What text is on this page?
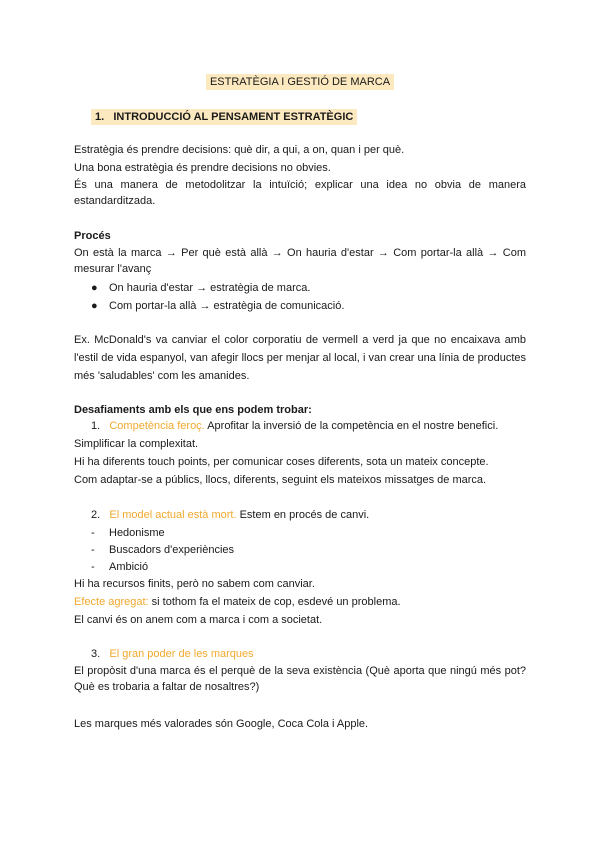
ESTRATÈGIA I GESTIÓ DE MARCA
1. INTRODUCCIÓ AL PENSAMENT ESTRATÈGIC
Estratègia és prendre decisions: què dir, a qui, a on, quan i per què.
Una bona estratègia és prendre decisions no obvies.
És una manera de metodolitzar la intuïció; explicar una idea no obvia de manera estandarditzada.
Procés
On està la marca → Per què està allà → On hauria d'estar → Com portar-la allà → Com mesurar l'avanç
● On hauria d'estar → estratègia de marca.
● Com portar-la allà → estratègia de comunicació.
Ex. McDonald's va canviar el color corporatiu de vermell a verd ja que no encaixava amb l'estil de vida espanyol, van afegir llocs per menjar al local, i van crear una línia de productes més 'saludables' com les amanides.
Desafiaments amb els que ens podem trobar:
1. Competència feroç. Aprofitar la inversió de la competència en el nostre benefici.
Simplificar la complexitat.
Hi ha diferents touch points, per comunicar coses diferents, sota un mateix concepte.
Com adaptar-se a públics, llocs, diferents, seguint els mateixos missatges de marca.
2. El model actual està mort. Estem en procés de canvi.
- Hedonisme
- Buscadors d'experiències
- Ambició
Hi ha recursos finits, però no sabem com canviar.
Efecte agregat: si tothom fa el mateix de cop, esdevé un problema.
El canvi és on anem com a marca i com a societat.
3. El gran poder de les marques
El propòsit d'una marca és el perquè de la seva existència (Què aporta que ningú més pot? Què es trobaria a faltar de nosaltres?)
Les marques més valorades són Google, Coca Cola i Apple.
